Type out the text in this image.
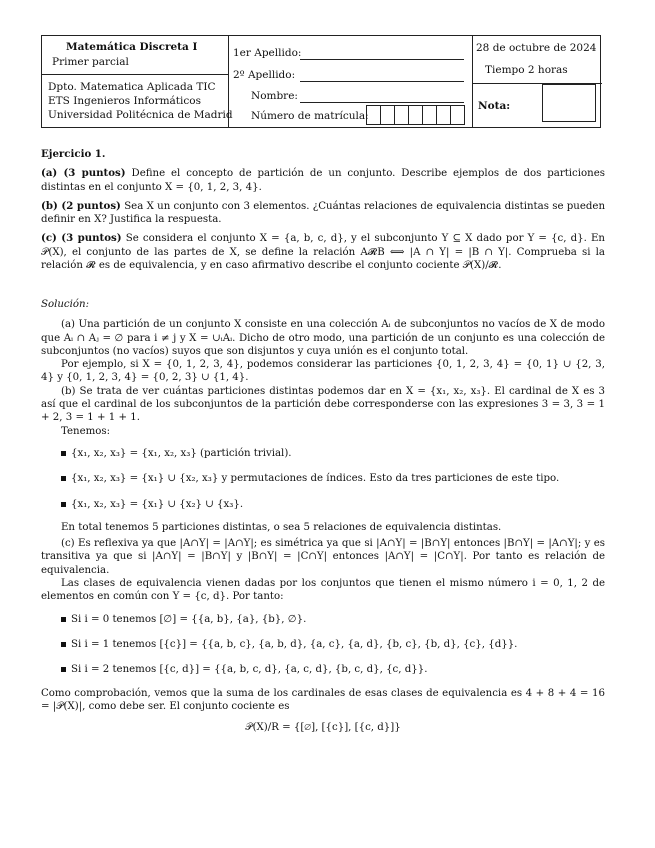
Matemática Discreta I
Primer parcial
Dpto. Matematica Aplicada TIC
ETS Ingenieros Informáticos
Universidad Politécnica de Madrid
1er Apellido:
2º Apellido:
Nombre:
Número de matrícula:
28 de octubre de 2024
Tiempo 2 horas
Nota:

Ejercicio 1.

(a) (3 puntos) Define el concepto de partición de un conjunto. Describe ejemplos de dos particiones distintas en el conjunto X = {0, 1, 2, 3, 4}.

(b) (2 puntos) Sea X un conjunto con 3 elementos. ¿Cuántas relaciones de equivalencia distintas se pueden definir en X? Justifica la respuesta.

(c) (3 puntos) Se considera el conjunto X = {a, b, c, d}, y el subconjunto Y ⊆ X dado por Y = {c, d}. En 𝒫(X), el conjunto de las partes de X, se define la relación A𝓡B ⟺ |A ∩ Y| = |B ∩ Y|. Comprueba si la relación 𝓡 es de equivalencia, y en caso afirmativo describe el conjunto cociente 𝒫(X)/𝓡.

Solución:

(a) Una partición de un conjunto X consiste en una colección Aᵢ de subconjuntos no vacíos de X de modo que Aᵢ ∩ Aⱼ = ∅ para i ≠ j y X = ∪ᵢAᵢ. Dicho de otro modo, una partición de un conjunto es una colección de subconjuntos (no vacíos) suyos que son disjuntos y cuya unión es el conjunto total.

Por ejemplo, si X = {0, 1, 2, 3, 4}, podemos considerar las particiones {0, 1, 2, 3, 4} = {0, 1} ∪ {2, 3, 4} y {0, 1, 2, 3, 4} = {0, 2, 3} ∪ {1, 4}.

(b) Se trata de ver cuántas particiones distintas podemos dar en X = {x₁, x₂, x₃}. El cardinal de X es 3 así que el cardinal de los subconjuntos de la partición debe corresponderse con las expresiones 3 = 3, 3 = 1 + 2, 3 = 1 + 1 + 1.

Tenemos:

{x₁, x₂, x₃} = {x₁, x₂, x₃} (partición trivial).
{x₁, x₂, x₃} = {x₁} ∪ {x₂, x₃} y permutaciones de índices. Esto da tres particiones de este tipo.
{x₁, x₂, x₃} = {x₁} ∪ {x₂} ∪ {x₃}.

En total tenemos 5 particiones distintas, o sea 5 relaciones de equivalencia distintas.

(c) Es reflexiva ya que |A∩Y| = |A∩Y|; es simétrica ya que si |A∩Y| = |B∩Y| entonces |B∩Y| = |A∩Y|; y es transitiva ya que si |A∩Y| = |B∩Y| y |B∩Y| = |C∩Y| entonces |A∩Y| = |C∩Y|. Por tanto es relación de equivalencia.

Las clases de equivalencia vienen dadas por los conjuntos que tienen el mismo número i = 0, 1, 2 de elementos en común con Y = {c, d}. Por tanto:

Si i = 0 tenemos [∅] = {{a, b}, {a}, {b}, ∅}.
Si i = 1 tenemos [{c}] = {{a, b, c}, {a, b, d}, {a, c}, {a, d}, {b, c}, {b, d}, {c}, {d}}.
Si i = 2 tenemos [{c, d}] = {{a, b, c, d}, {a, c, d}, {b, c, d}, {c, d}}.

Como comprobación, vemos que la suma de los cardinales de esas clases de equivalencia es 4 + 8 + 4 = 16 = |𝒫(X)|, como debe ser. El conjunto cociente es

𝒫(X)/R = {[∅], [{c}], [{c, d}]}
